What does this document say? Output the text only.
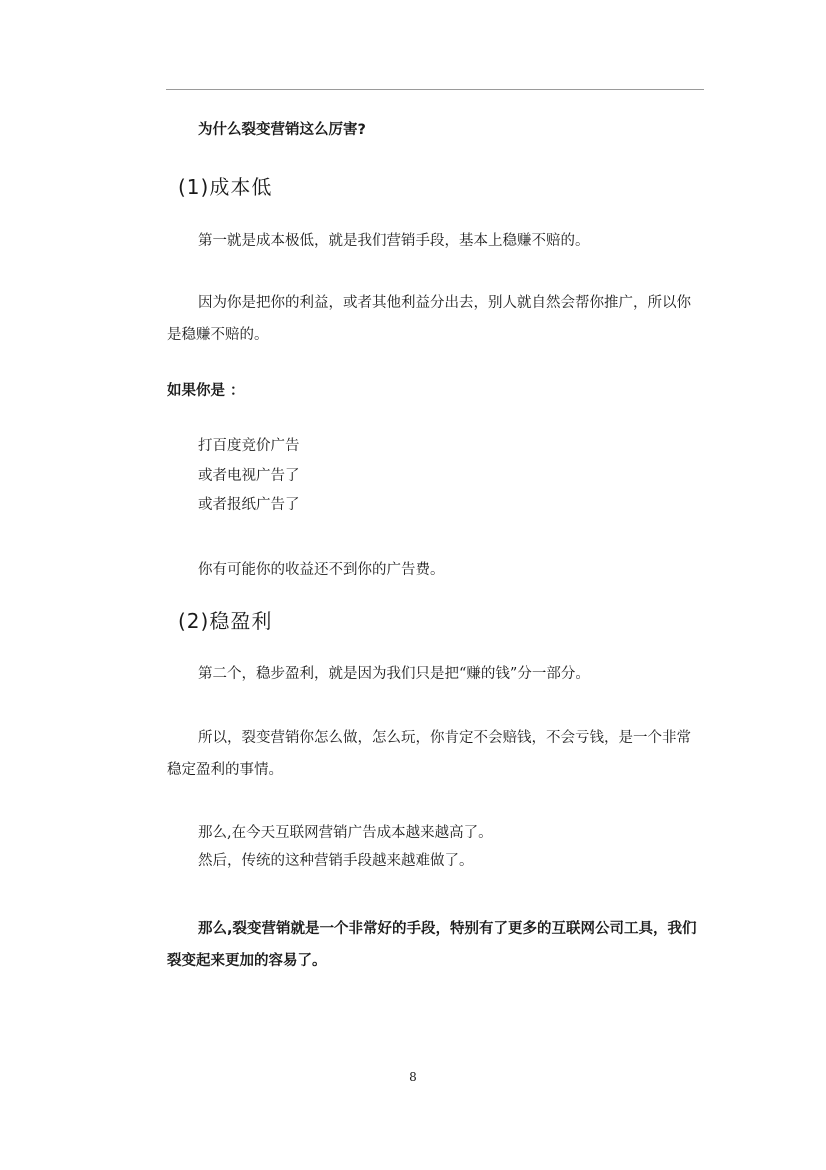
为什么裂变营销这么厉害?
(1)成本低
第一就是成本极低，就是我们营销手段，基本上稳赚不赔的。
因为你是把你的利益，或者其他利益分出去，别人就自然会帮你推广，所以你是稳赚不赔的。
如果你是 ：
打百度竞价广告
或者电视广告了
或者报纸广告了
你有可能你的收益还不到你的广告费。
(2)稳盈利
第二个，稳步盈利，就是因为我们只是把“赚的钱”分一部分。
所以，裂变营销你怎么做，怎么玩，你肯定不会赔钱，不会亏钱，是一个非常稳定盈利的事情。
那么,在今天互联网营销广告成本越来越高了。
然后，传统的这种营销手段越来越难做了。
那么,裂变营销就是一个非常好的手段，特别有了更多的互联网公司工具，我们裂变起来更加的容易了。
8
